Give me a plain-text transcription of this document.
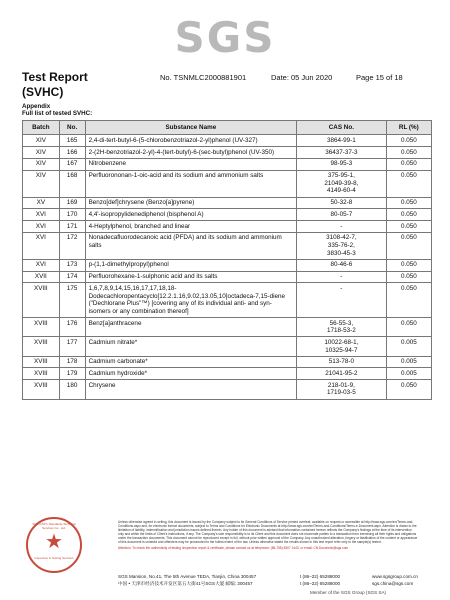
SGS
Test Report
(SVHC)
No. TSNMLC2000881901	Date: 05 Jun 2020	Page 15 of 18
Appendix
Full list of tested SVHC:
Batch	No.	Substance Name	CAS No.	RL (%)
XIV	165	2,4-di-tert-butyl-6-(5-chlorobenzotriazol-2-yl)phenol (UV-327)	3864-99-1	0.050
XIV	166	2-(2H-benzotriazol-2-yl)-4-(tert-butyl)-6-(sec-butyl)phenol (UV-350)	36437-37-3	0.050
XIV	167	Nitrobenzene	98-95-3	0.050
XIV	168	Perfluorononan-1-oic-acid and its sodium and ammonium salts	375-95-1,
21049-39-8,
4149-60-4	0.050
XV	169	Benzo[def]chrysene (Benzo[a]pyrene)	50-32-8	0.050
XVI	170	4,4'-isopropylidenediphenol (bisphenol A)	80-05-7	0.050
XVI	171	4-Heptylphenol, branched and linear	-	0.050
XVI	172	Nonadecafluorodecanoic acid (PFDA) and its sodium and ammonium salts	3108-42-7,
335-76-2,
3830-45-3	0.050
XVI	173	p-(1,1-dimethylpropyl)phenol	80-46-6	0.050
XVII	174	Perfluorohexane-1-sulphonic acid and its salts	-	0.050
XVIII	175	1,6,7,8,9,14,15,16,17,17,18,18-Dodecachloropentacyclo[12.2.1.16,9.02,13.05,10]octadeca-7,15-diene ("Dechlorane Plus"™) [covering any of its individual anti- and syn-isomers or any combination thereof]	-	0.050
XVIII	176	Benz[a]anthracene	56-55-3,
1718-53-2	0.050
XVIII	177	Cadmium nitrate*	10022-68-1,
10325-94-7	0.005
XVIII	178	Cadmium carbonate*	513-78-0	0.005
XVIII	179	Cadmium hydroxide*	21041-95-2	0.005
XVIII	180	Chrysene	218-01-9,
1719-03-5	0.050
SGS-CSTC Standards Technical Services Co., Ltd.
★
Inspection & Testing Services
Unless otherwise agreed in writing, this document is issued by the Company subject to its General Conditions of Service printed overleaf, available on request or accessible at http://www.sgs.com/en/Terms-and-Conditions.aspx and, for electronic format documents, subject to Terms and Conditions for Electronic Documents at http://www.sgs.com/en/Terms-and-Conditions/Terms-e-Document.aspx. Attention is drawn to the limitation of liability, indemnification and jurisdiction issues defined therein. Any holder of this document is advised that information contained hereon reflects the Company's findings at the time of its intervention only and within the limits of Client's instructions, if any. The Company's sole responsibility is to its Client and this document does not exonerate parties to a transaction from exercising all their rights and obligations under the transaction documents. This document cannot be reproduced except in full, without prior written approval of the Company. Any unauthorized alteration, forgery or falsification of the content or appearance of this document is unlawful and offenders may be prosecuted to the fullest extent of the law. Unless otherwise stated the results shown in this test report refer only to the sample(s) tested.
Attention: To check the authenticity of testing /inspection report & certificate, please contact us at telephone: (86-755) 8307 1443, or email: CN.Doccheck@sgs.com
SGS Mansion, No.41, The 5th Avenue TEDA, Tianjin, China 300457
中国 • 天津市经济技术开发区第五大街41号SGS大厦 邮编: 300457
t (86–22) 65288000
t (86–22) 65288000
www.sgsgroup.com.cn
sgs.china@sgs.com
Member of the SGS Group (SGS SA)
